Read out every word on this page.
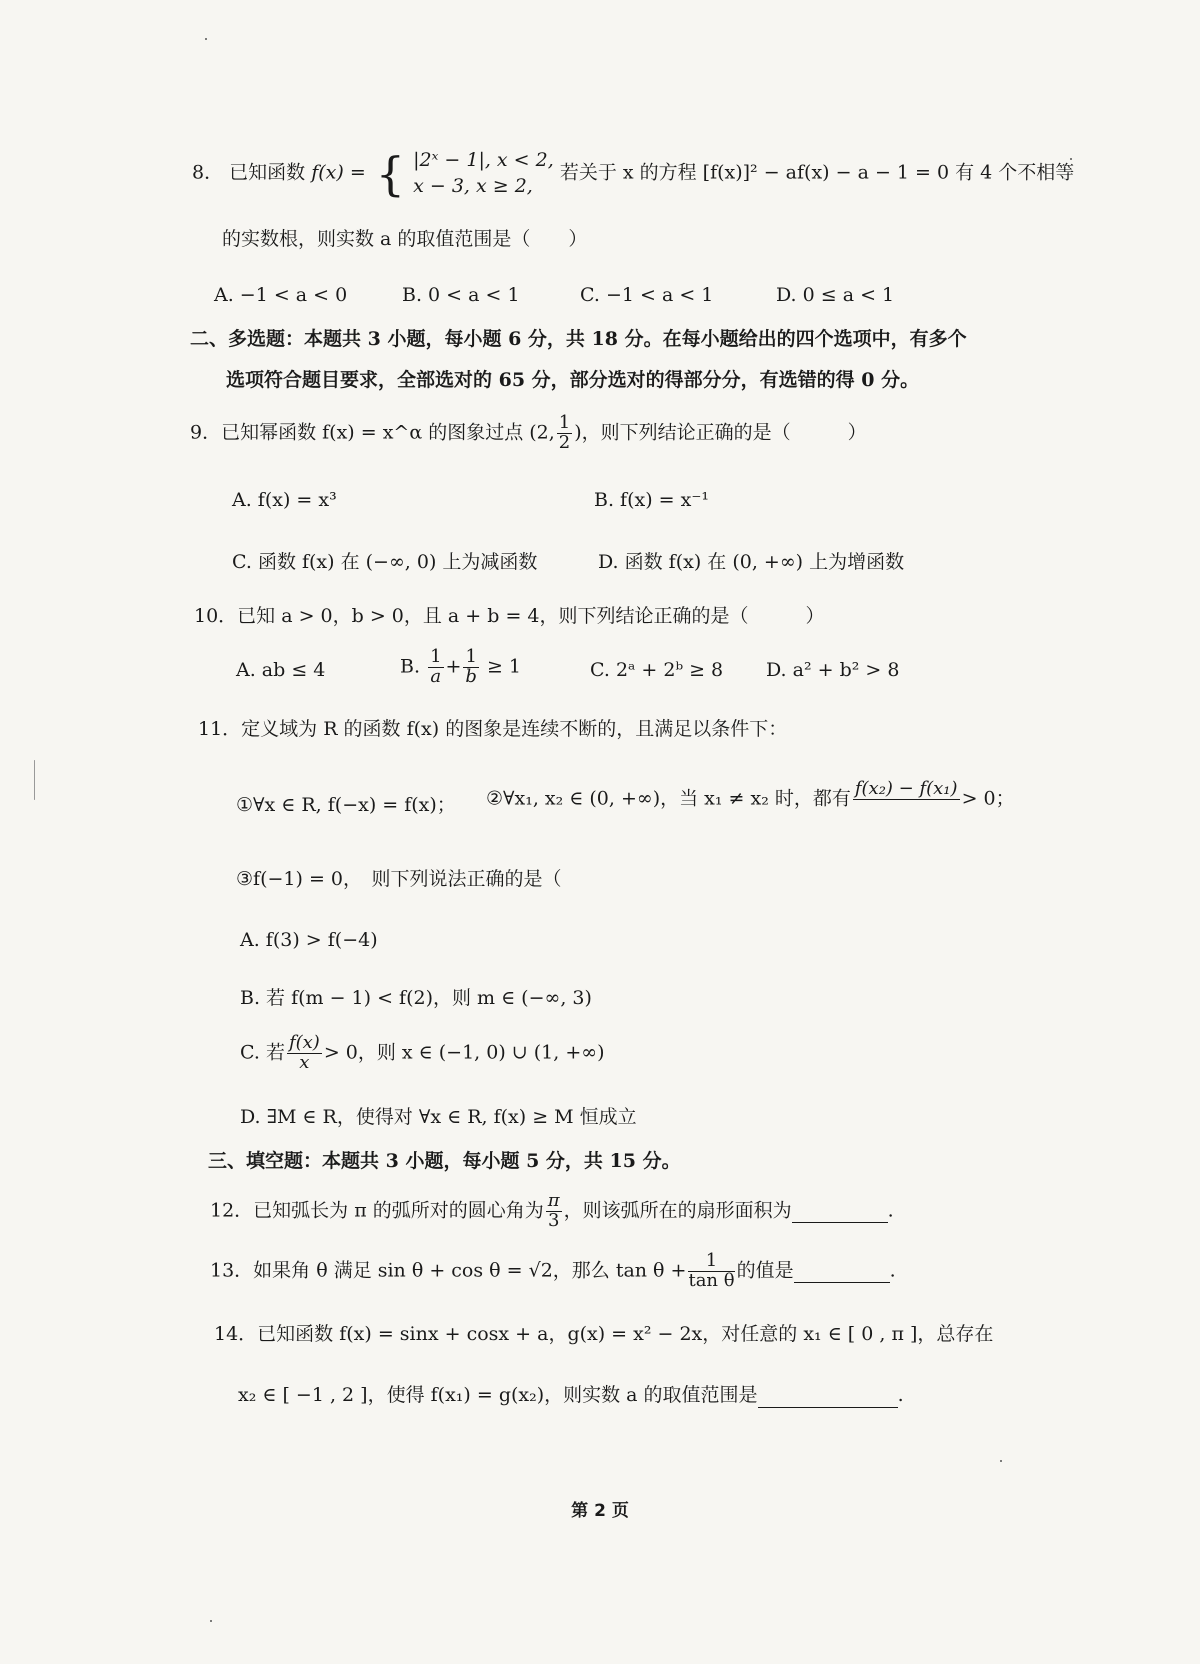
8． 已知函数 f(x) = { |2ˣ − 1|, x < 2,
x − 3, x ≥ 2,
若关于 x 的方程 [f(x)]² − af(x) − a − 1 = 0 有 4 个不相等
的实数根，则实数 a 的取值范围是（　　）
A. −1 < a < 0	B. 0 < a < 1	C. −1 < a < 1	D. 0 ≤ a < 1
二、多选题：本题共 3 小题，每小题 6 分，共 18 分。在每小题给出的四个选项中，有多个
选项符合题目要求，全部选对的 65 分，部分选对的得部分分，有选错的得 0 分。
9．已知幂函数 f(x) = x^α 的图象过点 (2, $\frac{1}{2}$ )，则下列结论正确的是（　　　）
A. f(x) = x³	B. f(x) = x⁻¹
C. 函数 f(x) 在 (−∞, 0) 上为减函数	D. 函数 f(x) 在 (0, +∞) 上为增函数
10．已知 a > 0，b > 0，且 a + b = 4，则下列结论正确的是（　　　）
A. ab ≤ 4	B. $\frac{1}{a} + \frac{1}{b} \ge 1$	C. 2ᵃ + 2ᵇ ≥ 8 D. a² + b² > 8
11．定义域为 R 的函数 f(x) 的图象是连续不断的，且满足以条件下：
①∀x ∈ R, f(−x) = f(x)； ②∀x₁, x₂ ∈ (0, +∞)，当 x₁ ≠ x₂ 时，都有 f(x₂) − f(x₁)
> 0；
③f(−1) = 0，　则下列说法正确的是（
A. f(3) > f(−4)
B. 若 f(m − 1) < f(2)，则 m ∈ (−∞, 3)
C. 若 $\frac{f(x)}{x} > 0$，则 x ∈ (−1, 0) ∪ (1, +∞)
D. ∃M ∈ R，使得对 ∀x ∈ R, f(x) ≥ M 恒成立
三、填空题：本题共 3 小题，每小题 5 分，共 15 分。
12．已知弧长为 π 的弧所对的圆心角为 $\frac{\pi}{3}$ ，则该弧所在的扇形面积为	.
13．如果角 θ 满足 sin θ + cos θ = √2，那么 $\tan \theta + \frac{1}{\text{tan θ}}$ 的值是	.
14．已知函数 f(x) = sinx + cosx + a，g(x) = x² − 2x，对任意的 x₁ ∈ [ 0 , π ]，总存在
x₂ ∈ [ −1 , 2 ]，使得 f(x₁) = g(x₂)，则实数 a 的取值范围是	.
第 2 页
